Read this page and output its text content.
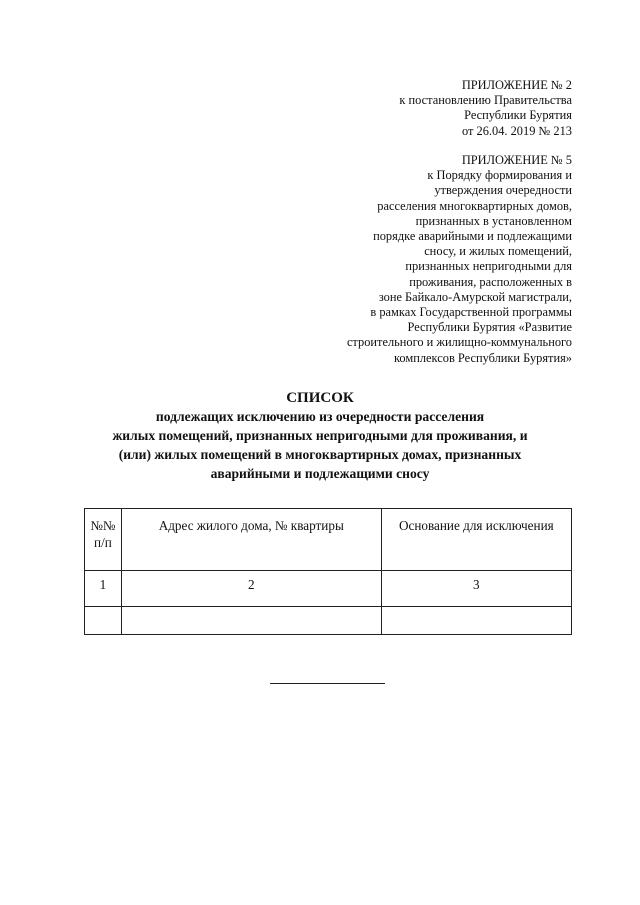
ПРИЛОЖЕНИЕ № 2
к постановлению Правительства
Республики Бурятия
от 26.04. 2019 № 213
ПРИЛОЖЕНИЕ № 5
к Порядку формирования и
утверждения очередности
расселения многоквартирных домов,
признанных в установленном
порядке аварийными и подлежащими
сносу, и жилых помещений,
признанных непригодными для
проживания, расположенных в
зоне Байкало-Амурской магистрали,
в рамках Государственной программы
Республики Бурятия «Развитие
строительного и жилищно-коммунального
комплексов Республики Бурятия»
СПИСОК
подлежащих исключению из очередности расселения
жилых помещений, признанных непригодными для проживания, и
(или) жилых помещений в многоквартирных домах, признанных
аварийными и подлежащими сносу
№№
п/п	Адрес жилого дома, № квартиры	Основание для исключения
1	2	3
